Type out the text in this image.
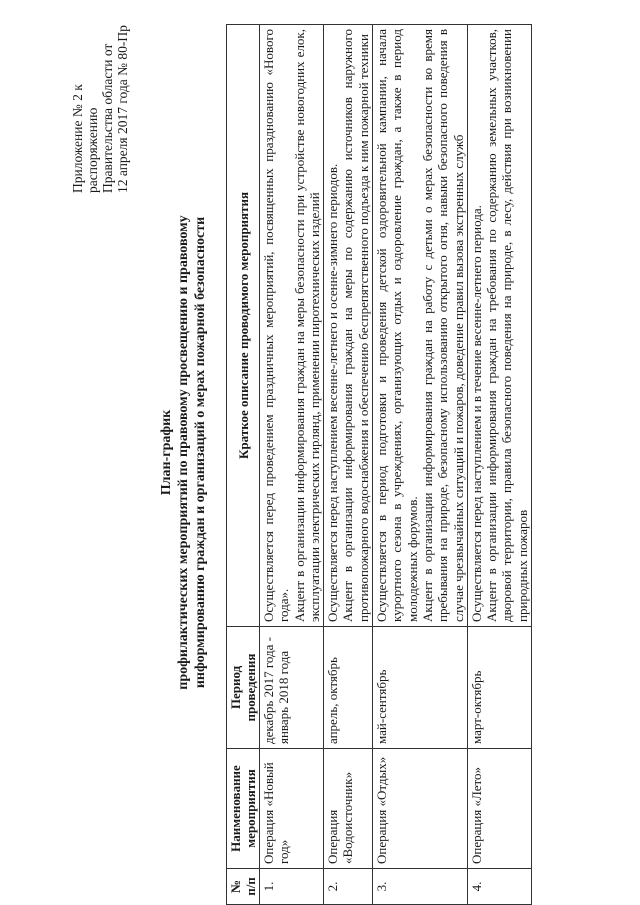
Приложение № 2 к распоряжению Правительства области от 12 апреля 2017 года № 80-Пр
План-график профилактических мероприятий по правовому просвещению и правовому информированию граждан и организаций о мерах пожарной безопасности
№ п/п	Наименование мероприятия	Период проведения	Краткое описание проводимого мероприятия
1.	Операция «Новый год»	декабрь 2017 года - январь 2018 года	Осуществляется перед проведением праздничных мероприятий, посвященных празднованию «Нового года». Акцент в организации информирования граждан на меры безопасности при устройстве новогодних елок, эксплуатации электрических гирлянд, применении пиротехнических изделий

2.	Операция «Водоисточник»	апрель, октябрь	Осуществляется перед наступлением весенне-летнего и осенне-зимнего периодов. Акцент в организации информирования граждан на меры по содержанию источников наружного противопожарного водоснабжения и обеспечению беспрепятственного подъезда к ним пожарной техники

3.	Операция «Отдых»	май-сентябрь	Осуществляется в период подготовки и проведения детской оздоровительной кампании, начала курортного сезона в учреждениях, организующих отдых и оздоровление граждан, а также в период молодежных форумов. Акцент в организации информирования граждан на работу с детьми о мерах безопасности во время пребывания на природе, безопасному использованию открытого огня, навыки безопасного поведения в случае чрезвычайных ситуаций и пожаров, доведение правил вызова экстренных служб

4.	Операция «Лето»	март-октябрь	Осуществляется перед наступлением и в течение весенне-летнего периода. Акцент в организации информирования граждан на требования по содержанию земельных участков, дворовой территории, правила безопасного поведения на природе, в лесу, действия при возникновении природных пожаров
